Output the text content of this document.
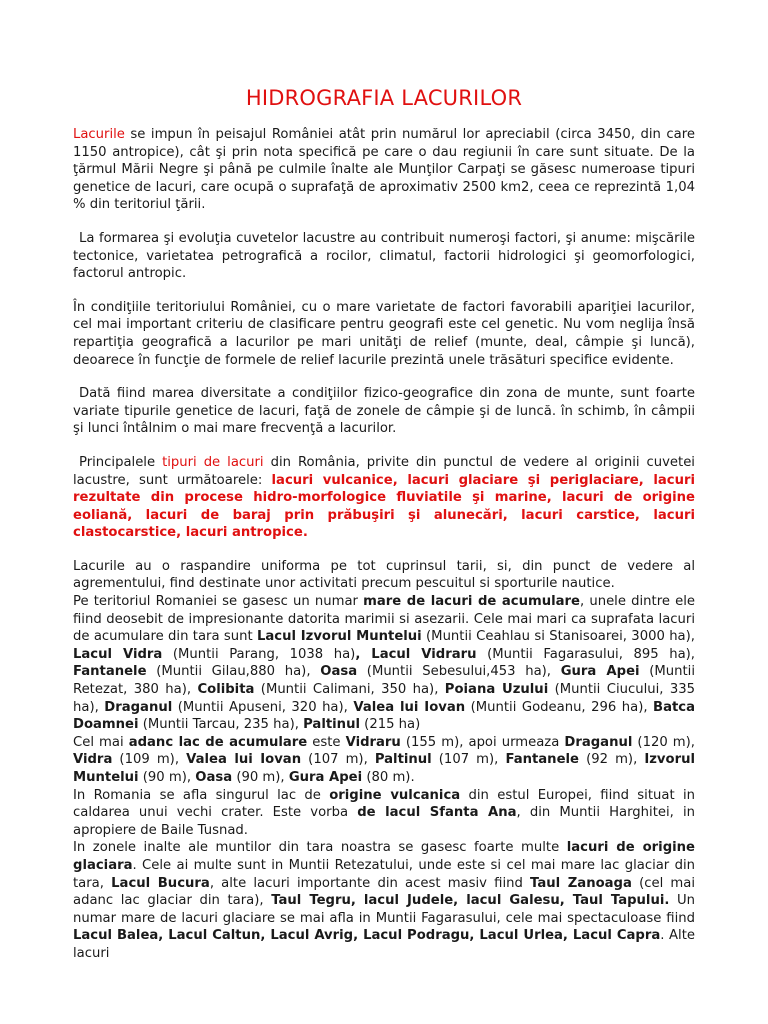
HIDROGRAFIA LACURILOR

Lacurile se impun în peisajul României atât prin numărul lor apreciabil (circa 3450, din care 1150 antropice), cât şi prin nota specifică pe care o dau regiunii în care sunt situate. De la ţărmul Mării Negre şi până pe culmile înalte ale Munţilor Carpaţi se găsesc numeroase tipuri genetice de lacuri, care ocupă o suprafaţă de aproximativ 2500 km2, ceea ce reprezintă 1,04 % din teritoriul ţării.

La formarea şi evoluţia cuvetelor lacustre au contribuit numeroşi factori, şi anume: mişcările tectonice, varietatea petrografică a rocilor, climatul, factorii hidrologici şi geomorfologici, factorul antropic.

În condiţiile teritoriului României, cu o mare varietate de factori favorabili apariţiei lacurilor, cel mai important criteriu de clasificare pentru geografi este cel genetic. Nu vom neglija însă repartiţia geografică a lacurilor pe mari unităţi de relief (munte, deal, câmpie şi luncă), deoarece în funcţie de formele de relief lacurile prezintă unele trăsături specifice evidente.

Dată fiind marea diversitate a condiţiilor fizico-geografice din zona de munte, sunt foarte variate tipurile genetice de lacuri, faţă de zonele de câmpie şi de luncă. în schimb, în câmpii şi lunci întâlnim o mai mare frecvenţă a lacurilor.

Principalele tipuri de lacuri din România, privite din punctul de vedere al originii cuvetei lacustre, sunt următoarele: lacuri vulcanice, lacuri glaciare şi periglaciare, lacuri rezultate din procese hidro-morfologice fluviatile şi marine, lacuri de origine eoliană, lacuri de baraj prin prăbuşiri şi alunecări, lacuri carstice, lacuri clastocarstice, lacuri antropice.

Lacurile au o raspandire uniforma pe tot cuprinsul tarii, si, din punct de vedere al agrementului, find destinate unor activitati precum pescuitul si sporturile nautice.

Pe teritoriul Romaniei se gasesc un numar mare de lacuri de acumulare, unele dintre ele fiind deosebit de impresionante datorita marimii si asezarii. Cele mai mari ca suprafata lacuri de acumulare din tara sunt Lacul Izvorul Muntelui (Muntii Ceahlau si Stanisoarei, 3000 ha), Lacul Vidra (Muntii Parang, 1038 ha), Lacul Vidraru (Muntii Fagarasului, 895 ha), Fantanele (Muntii Gilau,880 ha), Oasa (Muntii Sebesului,453 ha), Gura Apei (Muntii Retezat, 380 ha), Colibita (Muntii Calimani, 350 ha), Poiana Uzului (Muntii Ciucului, 335 ha), Draganul (Muntii Apuseni, 320 ha), Valea lui Iovan (Muntii Godeanu, 296 ha), Batca Doamnei (Muntii Tarcau, 235 ha), Paltinul (215 ha)

Cel mai adanc lac de acumulare este Vidraru (155 m), apoi urmeaza Draganul (120 m), Vidra (109 m), Valea lui Iovan (107 m), Paltinul (107 m), Fantanele (92 m), Izvorul Muntelui (90 m), Oasa (90 m), Gura Apei (80 m).

In Romania se afla singurul lac de origine vulcanica din estul Europei, fiind situat in caldarea unui vechi crater. Este vorba de lacul Sfanta Ana, din Muntii Harghitei, in apropiere de Baile Tusnad.

In zonele inalte ale muntilor din tara noastra se gasesc foarte multe lacuri de origine glaciara. Cele ai multe sunt in Muntii Retezatului, unde este si cel mai mare lac glaciar din tara, Lacul Bucura, alte lacuri importante din acest masiv fiind Taul Zanoaga (cel mai adanc lac glaciar din tara), Taul Tegru, lacul Judele, lacul Galesu, Taul Tapului. Un numar mare de lacuri glaciare se mai afla in Muntii Fagarasului, cele mai spectaculoase fiind Lacul Balea, Lacul Caltun, Lacul Avrig, Lacul Podragu, Lacul Urlea, Lacul Capra. Alte lacuri
